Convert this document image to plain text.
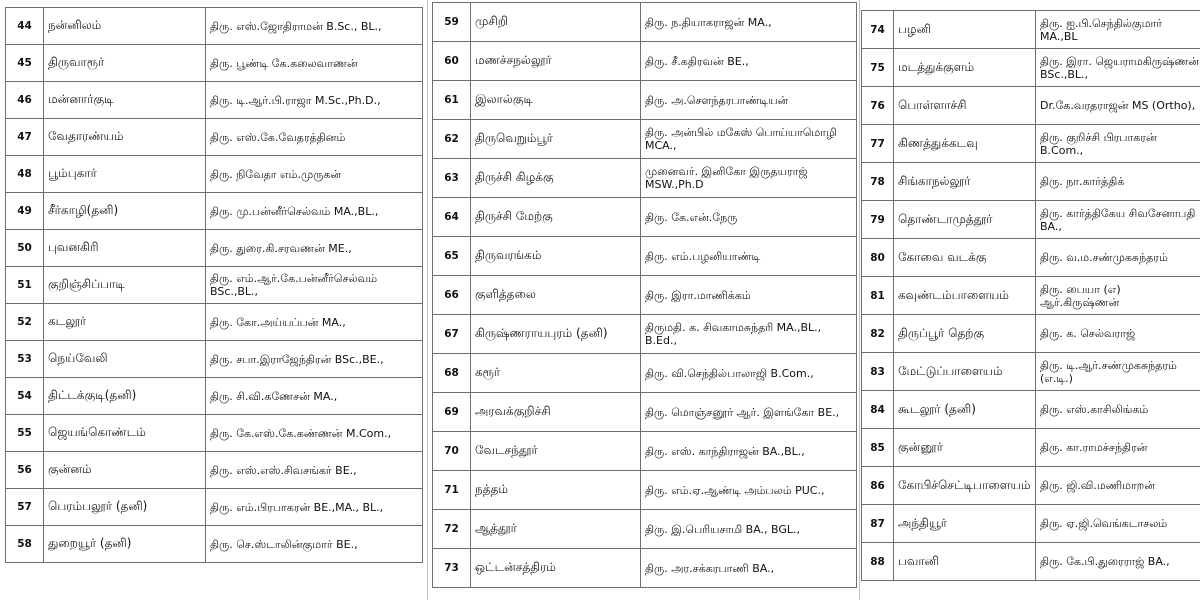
44	நன்னிலம்	திரு. எஸ்.ஜோதிராமன் B.Sc., BL.,
45	திருவாரூர்	திரு. பூண்டி கே.கலைவாணன்
46	மன்னார்குடி	திரு. டி.ஆர்.பி.ராஜா M.Sc.,Ph.D.,
47	வேதாரண்யம்	திரு. எஸ்.கே.வேதரத்தினம்
48	பூம்புகார்	திரு. நிவேதா எம்.முருகன்
49	சீர்காழி(தனி)	திரு. மு.பன்னீர்செல்வம் MA.,BL.,
50	புவனகிரி	திரு. துரை.கி.சரவணன் ME.,
51	குறிஞ்சிப்பாடி	திரு. எம்.ஆர்.கே.பன்னீர்செல்வம் BSc.,BL.,
52	கடலூர்	திரு. கோ.அய்யப்பன் MA.,
53	நெய்வேலி	திரு. சபா.இராஜேந்திரன் BSc.,BE.,
54	திட்டக்குடி(தனி)	திரு. சி.வி.கணேசன் MA.,
55	ஜெயங்கொண்டம்	திரு. கே.எஸ்.கே.கண்ணன் M.Com.,
56	குன்னம்	திரு. எஸ்.எஸ்.சிவசங்கர் BE.,
57	பெரம்பலூர் (தனி)	திரு. எம்.பிரபாகரன் BE.,MA., BL.,
58	துறையூர் (தனி)	திரு. செ.ஸ்டாலின்குமார் BE.,
59	முசிறி	திரு. ந.தியாகராஜன் MA.,
60	மணச்சநல்லூர்	திரு. சீ.கதிரவன் BE.,
61	இலால்குடி	திரு. அ.சௌந்தரபாண்டியன்
62	திருவெறும்பூர்	திரு. அன்பில் மகேஸ் பொய்யாமொழி MCA.,
63	திருச்சி கிழக்கு	முனைவர். இனிகோ இருதயராஜ் MSW.,Ph.D
64	திருச்சி மேற்கு	திரு. கே.என்.நேரு
65	திருவரங்கம்	திரு. எம்.பழனியாண்டி
66	குளித்தலை	திரு. இரா.மாணிக்கம்
67	கிருஷ்ணராயபுரம் (தனி)	திருமதி. க. சிவகாமசுந்தரி MA.,BL., B.Ed.,
68	கரூர்	திரு. வி.செந்தில்பாலாஜி B.Com.,
69	அரவக்குறிச்சி	திரு. மொஞ்சனூர் ஆர். இளங்கோ BE.,
70	வேடசந்தூர்	திரு. எஸ். காந்திராஜன் BA.,BL.,
71	நத்தம்	திரு. எம்.ஏ.ஆண்டி அம்பலம் PUC.,
72	ஆத்தூர்	திரு. இ.பெரியசாமி BA., BGL.,
73	ஒட்டன்சத்திரம்	திரு. அர.சக்கரபாணி BA.,
74	பழனி	திரு. ஐ.பி.செந்தில்குமார் MA.,BL
75	மடத்துக்குளம்	திரு. இரா. ஜெயராமகிருஷ்ணன் BSc.,BL.,
76	பொள்ளாச்சி	Dr.கே.வரதராஜன் MS (Ortho),
77	கிணத்துக்கடவு	திரு. குறிச்சி பிரபாகரன் B.Com.,
78	சிங்காநல்லூர்	திரு. நா.கார்த்திக்
79	தொண்டாமுத்தூர்	திரு. கார்த்திகேய சிவசேனாபதி BA.,
80	கோவை வடக்கு	திரு. வ.ம.சண்முகசுந்தரம்
81	கவுண்டம்பாளையம்	திரு. பையா (எ) ஆர்.கிருஷ்ணன்
82	திருப்பூர் தெற்கு	திரு. க. செல்வராஜ்
83	மேட்டுப்பாளையம்	திரு. டி.ஆர்.சண்முகசுந்தரம் (எ.டி.)
84	கூடலூர் (தனி)	திரு. எஸ்.காசிலிங்கம்
85	குன்னூர்	திரு. கா.ராமச்சந்திரன்
86	கோபிச்செட்டிபாளையம்	திரு. ஜி.வி.மணிமாறன்
87	அந்தியூர்	திரு. ஏ.ஜி.வெங்கடாசலம்
88	பவானி	திரு. கே.பி.துரைராஜ் BA.,
